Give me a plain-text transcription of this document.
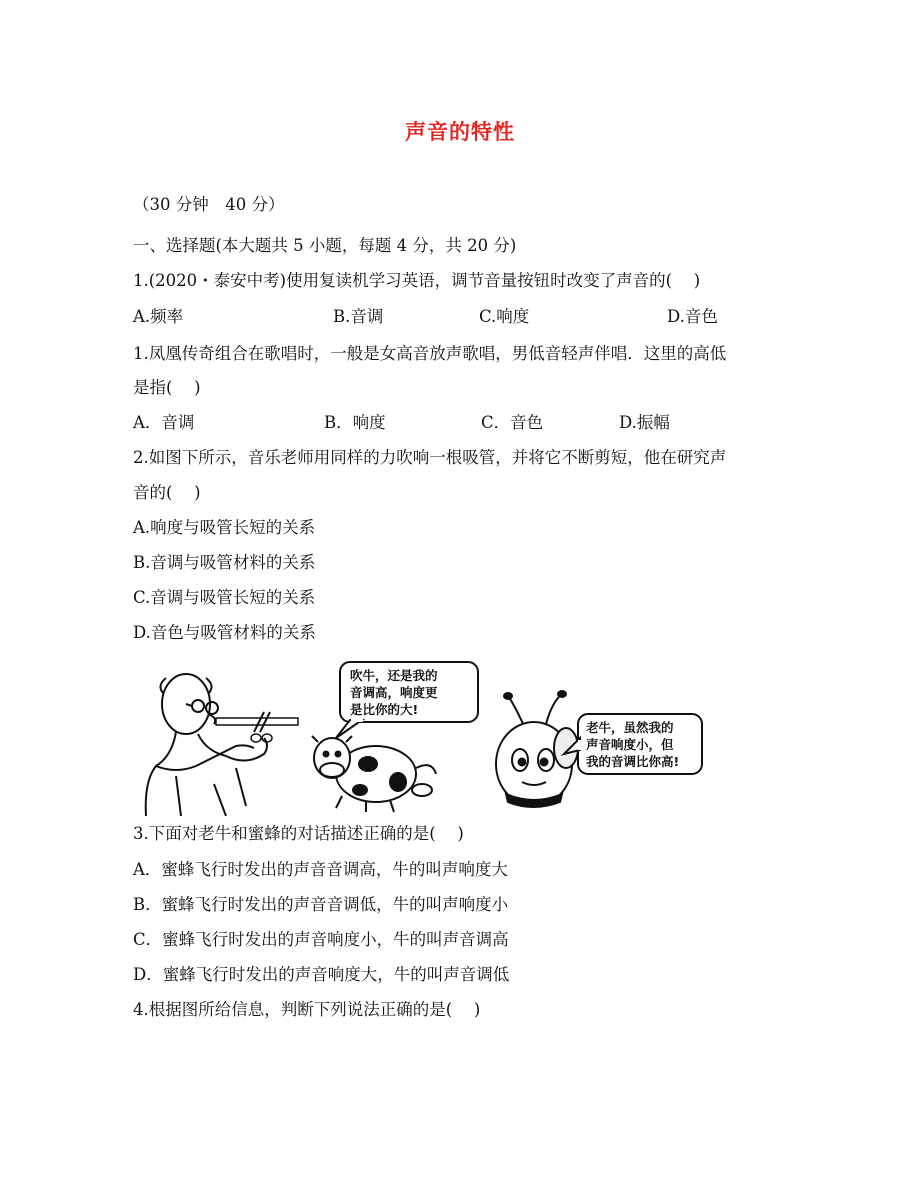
声音的特性
（30 分钟　40 分）
一、选择题(本大题共 5 小题，每题 4 分，共 20 分)
1.(2020・泰安中考)使用复读机学习英语，调节音量按钮时改变了声音的(　 )
A.频率	B.音调	C.响度	D.音色
1.凤凰传奇组合在歌唱时，一般是女高音放声歌唱，男低音轻声伴唱．这里的高低
是指(　 )
A．音调	B．响度	C．音色	D.振幅
2.如图下所示，音乐老师用同样的力吹响一根吸管，并将它不断剪短，他在研究声
音的(　 )
A.响度与吸管长短的关系
B.音调与吸管材料的关系
C.音调与吸管长短的关系
D.音色与吸管材料的关系
吹牛，还是我的
音调高，响度更
是比你的大!
老牛，虽然我的
声音响度小，但
我的音调比你高!
3.下面对老牛和蜜蜂的对话描述正确的是(　 )
A．蜜蜂飞行时发出的声音音调高，牛的叫声响度大
B．蜜蜂飞行时发出的声音音调低，牛的叫声响度小
C．蜜蜂飞行时发出的声音响度小，牛的叫声音调高
D．蜜蜂飞行时发出的声音响度大，牛的叫声音调低
4.根据图所给信息，判断下列说法正确的是(　 )
